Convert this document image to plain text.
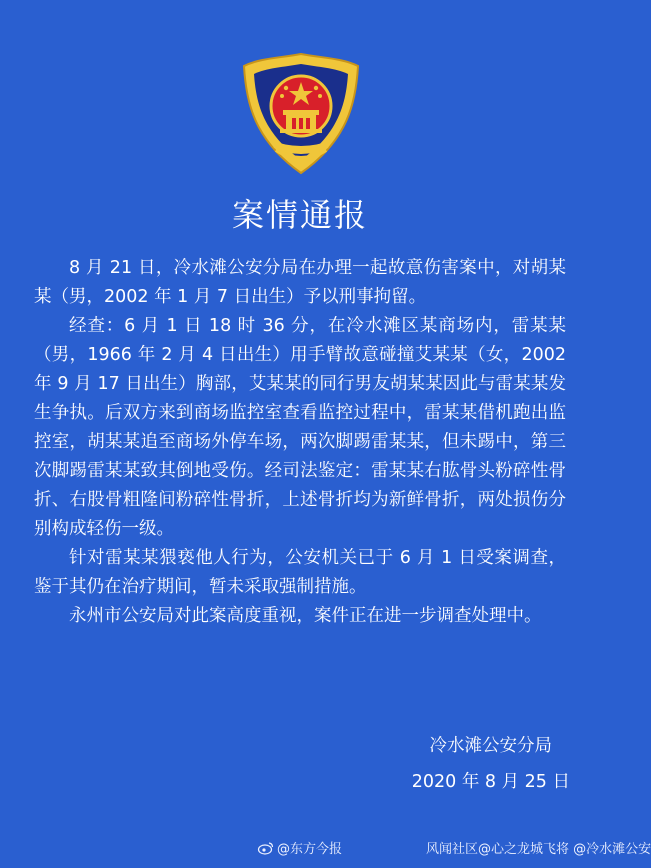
案情通报

8 月 21 日，冷水滩公安分局在办理一起故意伤害案中，对胡某某（男，2002 年 1 月 7 日出生）予以刑事拘留。

经查：6 月 1 日 18 时 36 分，在冷水滩区某商场内，雷某某（男，1966 年 2 月 4 日出生）用手臂故意碰撞艾某某（女，2002 年 9 月 17 日出生）胸部，艾某某的同行男友胡某某因此与雷某某发生争执。后双方来到商场监控室查看监控过程中，雷某某借机跑出监控室，胡某某追至商场外停车场，两次脚踢雷某某，但未踢中，第三次脚踢雷某某致其倒地受伤。经司法鉴定：雷某某右肱骨头粉碎性骨折、右股骨粗隆间粉碎性骨折，上述骨折均为新鲜骨折，两处损伤分别构成轻伤一级。

针对雷某某猥亵他人行为，公安机关已于 6 月 1 日受案调查，鉴于其仍在治疗期间，暂未采取强制措施。

永州市公安局对此案高度重视，案件正在进一步调查处理中。

冷水滩公安分局
2020 年 8 月 25 日
@东方今报	风闻社区@心之龙城飞将 @冷水滩公安
